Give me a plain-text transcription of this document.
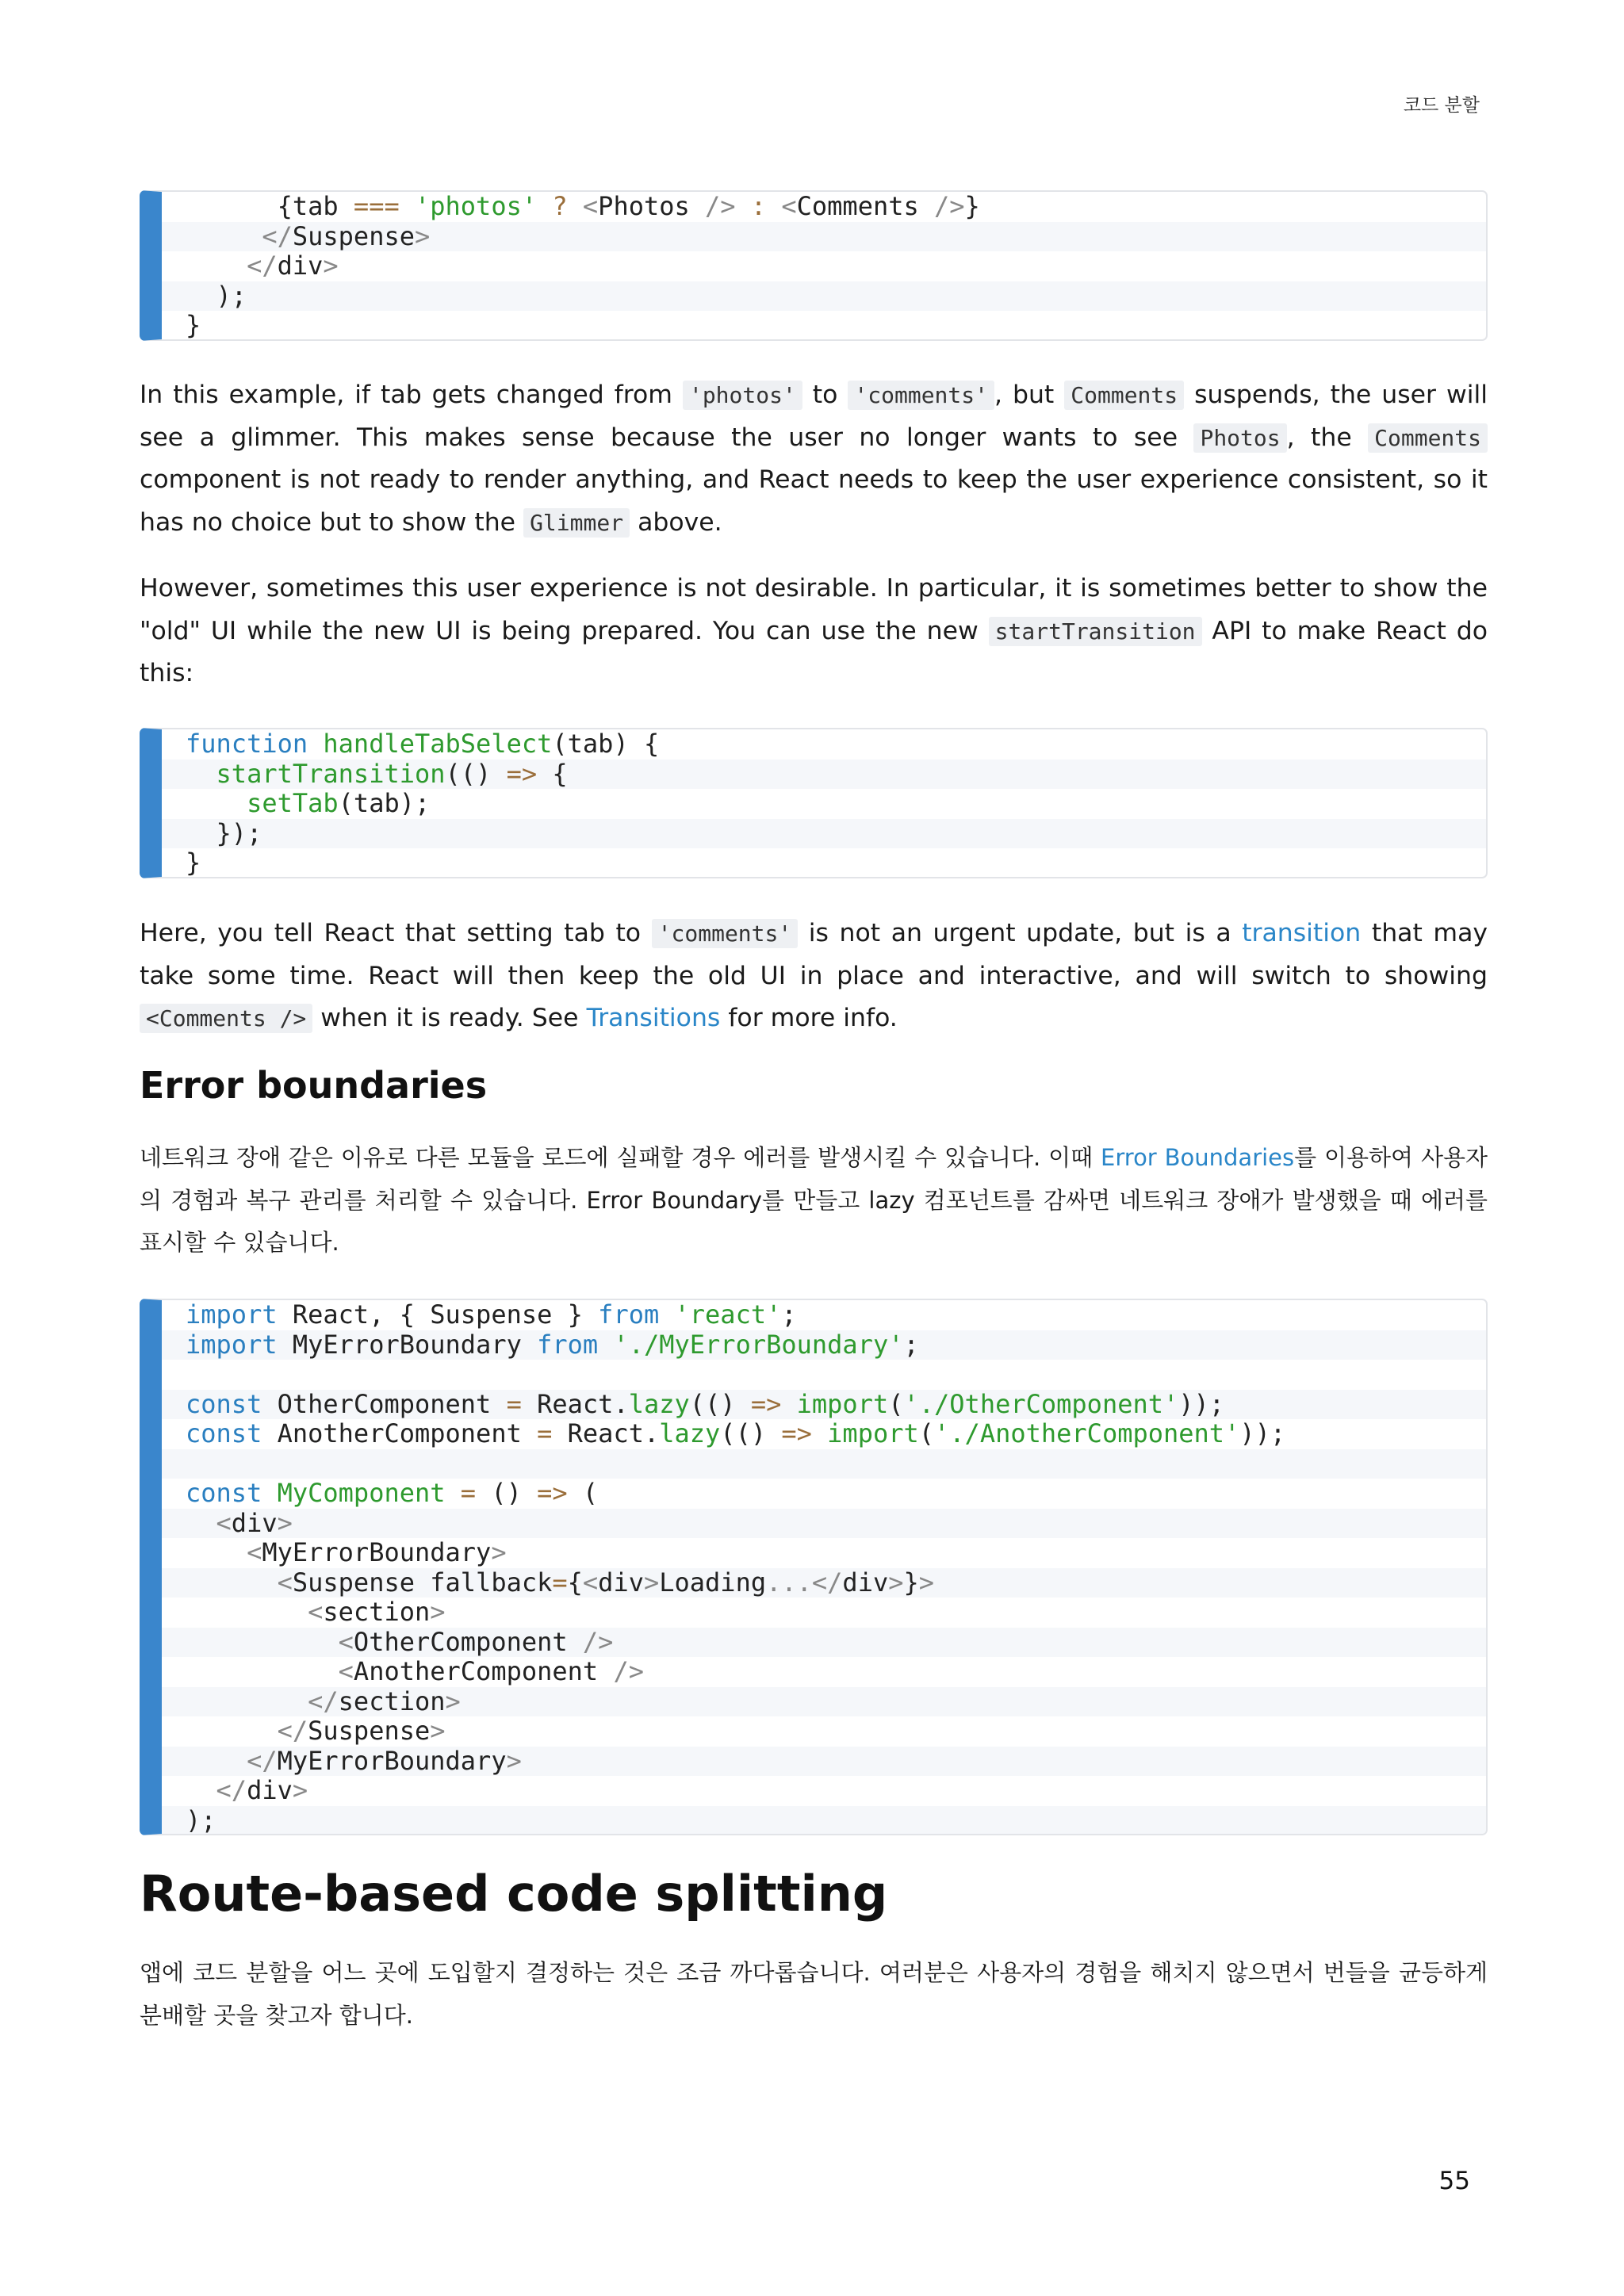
코드 분할
{tab === 'photos' ? <Photos /> : <Comments />}
</Suspense>
</div>
);
}

In this example, if tab gets changed from 'photos' to 'comments' , but Comments suspends, the user will see a glimmer. This makes sense because the user no longer wants to see Photos , the Comments component is not ready to render anything, and React needs to keep the user experience consistent, so it has no choice but to show the Glimmer above.

However, sometimes this user experience is not desirable. In particular, it is sometimes better to show the "old" UI while the new UI is being prepared. You can use the new startTransition API to make React do this:

function handleTabSelect(tab) {
startTransition(() => {
setTab(tab);
});
}

Here, you tell React that setting tab to 'comments' is not an urgent update, but is a transition that may take some time. React will then keep the old UI in place and interactive, and will switch to showing <Comments /> when it is ready. See Transitions for more info.

Error boundaries

네트워크 장애 같은 이유로 다른 모듈을 로드에 실패할 경우 에러를 발생시킬 수 있습니다. 이때 Error Boundaries를 이용하여 사용자의 경험과 복구 관리를 처리할 수 있습니다. Error Boundary를 만들고 lazy 컴포넌트를 감싸면 네트워크 장애가 발생했을 때 에러를 표시할 수 있습니다.

import React, { Suspense } from 'react';
import MyErrorBoundary from './MyErrorBoundary';
const OtherComponent = React.lazy(() => import('./OtherComponent'));
const AnotherComponent = React.lazy(() => import('./AnotherComponent'));
const MyComponent = () => (
<div>
<MyErrorBoundary>
<Suspense fallback={<div>Loading...</div>}>
<section>
<OtherComponent />
<AnotherComponent />
</section>
</Suspense>
</MyErrorBoundary>
</div>
);
Route-based code splitting

앱에 코드 분할을 어느 곳에 도입할지 결정하는 것은 조금 까다롭습니다. 여러분은 사용자의 경험을 해치지 않으면서 번들을 균등하게 분배할 곳을 찾고자 합니다.

55
